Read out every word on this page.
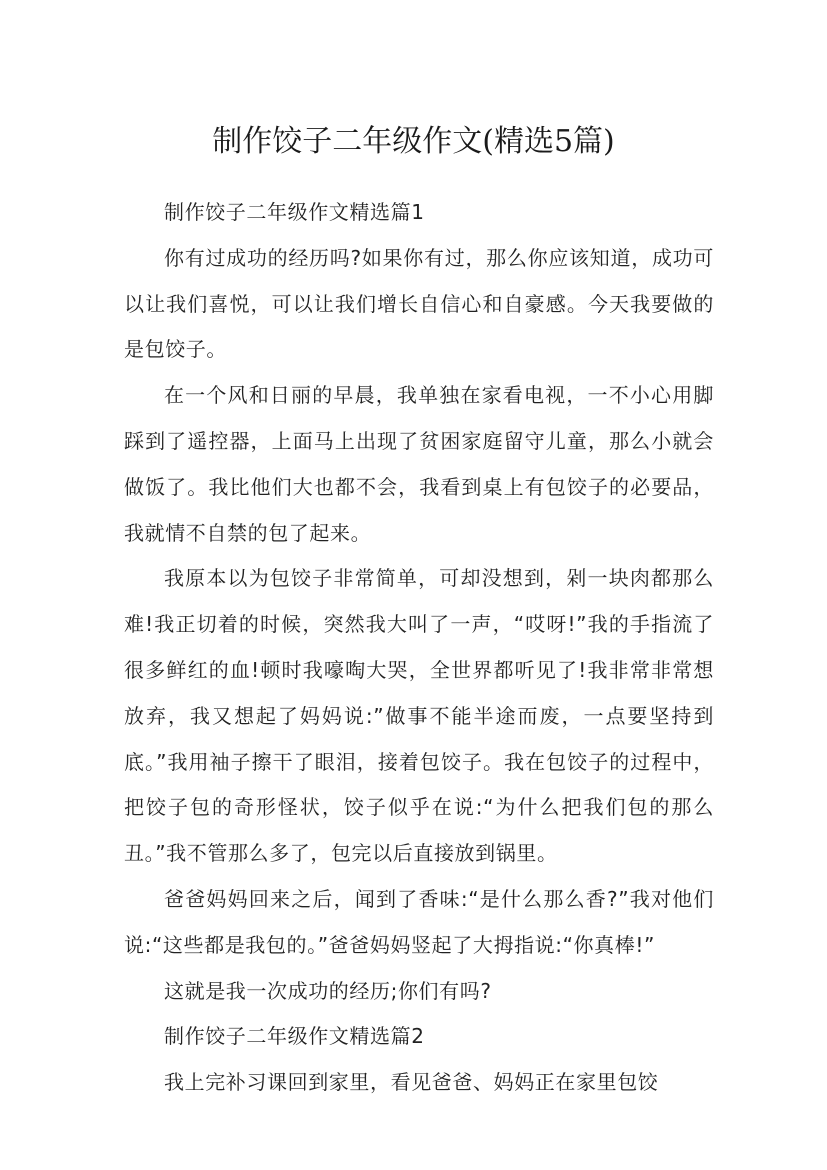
制作饺子二年级作文(精选5篇)

制作饺子二年级作文精选篇1

你有过成功的经历吗?如果你有过，那么你应该知道，成功可以让我们喜悦，可以让我们增长自信心和自豪感。今天我要做的是包饺子。

在一个风和日丽的早晨，我单独在家看电视，一不小心用脚踩到了遥控器，上面马上出现了贫困家庭留守儿童，那么小就会做饭了。我比他们大也都不会，我看到桌上有包饺子的必要品，我就情不自禁的包了起来。

我原本以为包饺子非常简单，可却没想到，剁一块肉都那么难!我正切着的时候，突然我大叫了一声，“哎呀!”我的手指流了很多鲜红的血!顿时我嚎啕大哭，全世界都听见了!我非常非常想放弃，我又想起了妈妈说:”做事不能半途而废，一点要坚持到底。”我用袖子擦干了眼泪，接着包饺子。我在包饺子的过程中，把饺子包的奇形怪状，饺子似乎在说:“为什么把我们包的那么丑。”我不管那么多了，包完以后直接放到锅里。

爸爸妈妈回来之后，闻到了香味:“是什么那么香?”我对他们说:“这些都是我包的。”爸爸妈妈竖起了大拇指说:“你真棒!”

这就是我一次成功的经历;你们有吗?

制作饺子二年级作文精选篇2

我上完补习课回到家里，看见爸爸、妈妈正在家里包饺
